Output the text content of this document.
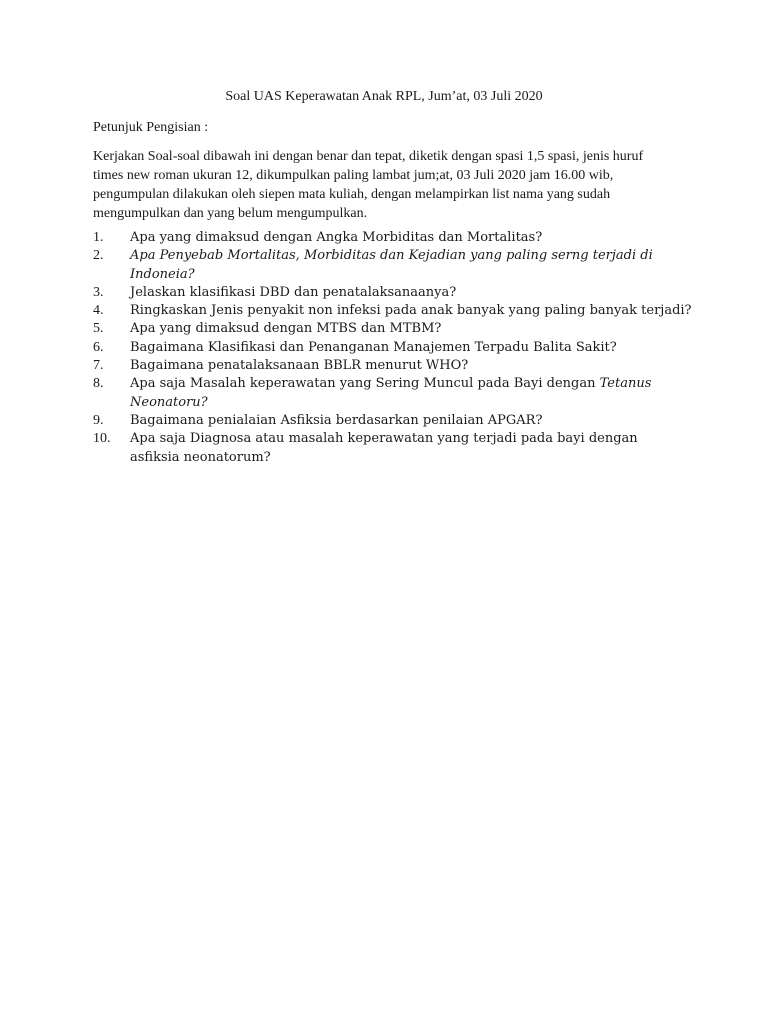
Soal UAS Keperawatan Anak RPL, Jum’at, 03 Juli 2020
Petunjuk Pengisian :
Kerjakan Soal-soal dibawah ini dengan benar dan tepat, diketik dengan spasi 1,5 spasi, jenis huruf
times new roman ukuran 12, dikumpulkan paling lambat jum;at, 03 Juli 2020 jam 16.00 wib,
pengumpulan dilakukan oleh siepen mata kuliah, dengan melampirkan list nama yang sudah
mengumpulkan dan yang belum mengumpulkan.
1. Apa yang dimaksud dengan Angka Morbiditas dan Mortalitas?
2. Apa Penyebab Mortalitas, Morbiditas dan Kejadian yang paling serng terjadi di
Indoneia?
3. Jelaskan klasifikasi DBD dan penatalaksanaanya?
4. Ringkaskan Jenis penyakit non infeksi pada anak banyak yang paling banyak terjadi?
5. Apa yang dimaksud dengan MTBS dan MTBM?
6. Bagaimana Klasifikasi dan Penanganan Manajemen Terpadu Balita Sakit?
7. Bagaimana penatalaksanaan BBLR menurut WHO?
8. Apa saja Masalah keperawatan yang Sering Muncul pada Bayi dengan Tetanus
Neonatoru?
9. Bagaimana penialaian Asfiksia berdasarkan penilaian APGAR?
10. Apa saja Diagnosa atau masalah keperawatan yang terjadi pada bayi dengan
asfiksia neonatorum?
